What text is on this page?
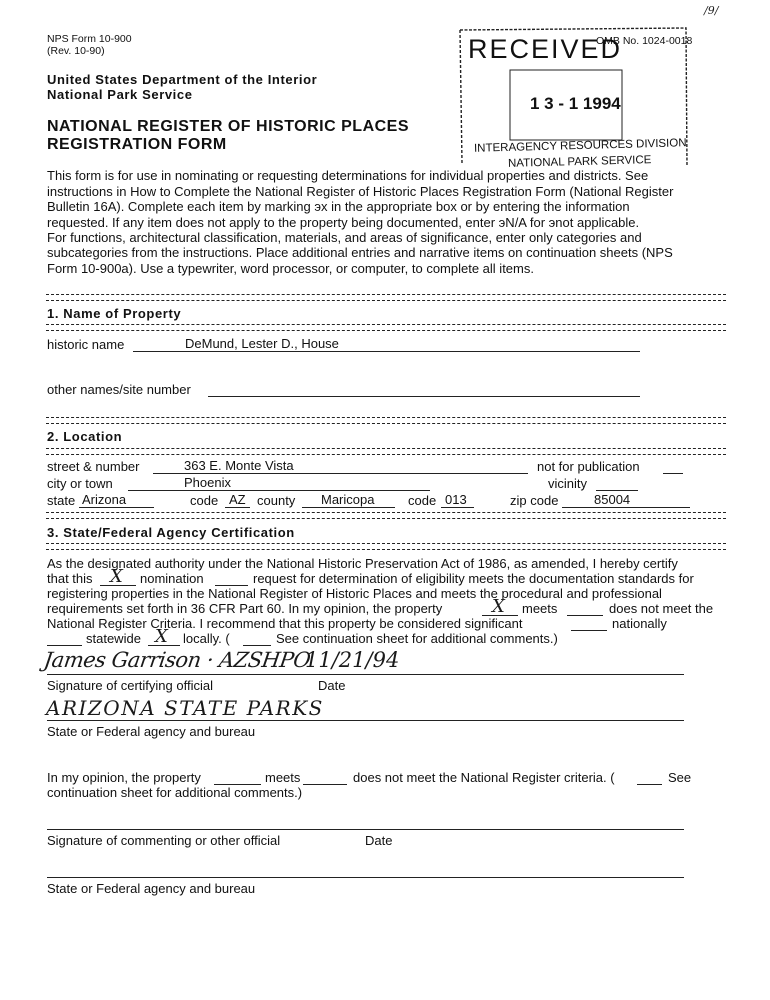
NPS Form 10-900
(Rev. 10-90)
OMB No. 1024-0018
United States Department of the Interior
National Park Service
NATIONAL REGISTER OF HISTORIC PLACES
REGISTRATION FORM
RECEIVED
1 3 - 1 1994
INTERAGENCY RESOURCES DIVISION
NATIONAL PARK SERVICE
/9/
This form is for use in nominating or requesting determinations for individual properties and districts. See
instructions in How to Complete the National Register of Historic Places Registration Form (National Register
Bulletin 16A). Complete each item by marking эx in the appropriate box or by entering the information
requested. If any item does not apply to the property being documented, enter эN/A for эnot applicable.
For functions, architectural classification, materials, and areas of significance, enter only categories and
subcategories from the instructions. Place additional entries and narrative items on continuation sheets (NPS
Form 10-900a). Use a typewriter, word processor, or computer, to complete all items.
1. Name of Property
historic name	DeMund, Lester D., House
other names/site number
2. Location
street & number	363 E. Monte Vista	not for publication
city or town	Phoenix	vicinity
state Arizona	code AZ county Maricopa	code 013	zip code	85004
3. State/Federal Agency Certification
As the designated authority under the National Historic Preservation Act of 1986, as amended, I hereby certify
that this X nomination	request for determination of eligibility meets the documentation standards for
registering properties in the National Register of Historic Places and meets the procedural and professional
requirements set forth in 36 CFR Part 60. In my opinion, the property	X meets	does not meet the
National Register Criteria. I recommend that this property be considered significant	nationally
statewide X locally. (	See continuation sheet for additional comments.)
James Garrison · AZSHPO
11/21/94
Signature of certifying official	Date
ARIZONA STATE PARKS
State or Federal agency and bureau
In my opinion, the property	meets	does not meet the National Register criteria. (	See
continuation sheet for additional comments.)
Signature of commenting or other official	Date
State or Federal agency and bureau
